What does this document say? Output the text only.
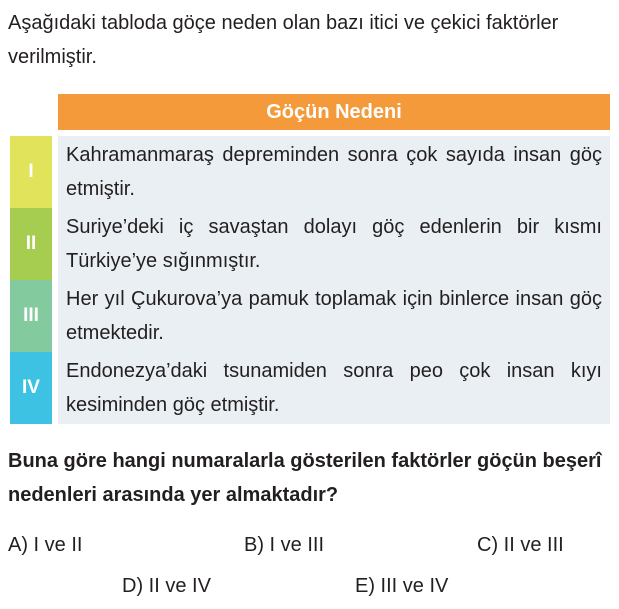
Aşağıdaki tabloda göçe neden olan bazı itici ve çekici faktörler verilmiştir.

Göçün Nedeni
I
Kahramanmaraş depreminden sonra çok sayıda insan göç etmiştir.
II
Suriye’deki iç savaştan dolayı göç edenlerin bir kısmı Türkiye’ye sığınmıştır.
III
Her yıl Çukurova’ya pamuk toplamak için binlerce insan göç etmektedir.
IV
Endonezya’daki tsunamiden sonra peo çok insan kıyı kesiminden göç etmiştir.

Buna göre hangi numaralarla gösterilen faktörler göçün beşerî nedenleri arasında yer almaktadır?

A) I ve II	B) I ve III	C) II ve III
D) II ve IV	E) III ve IV
